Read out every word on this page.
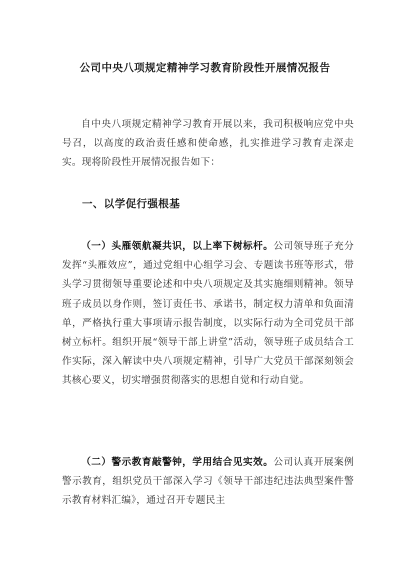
公司中央八项规定精神学习教育阶段性开展情况报告
自中央八项规定精神学习教育开展以来，我司积极响应党中央号召，以高度的政治责任感和使命感，扎实推进学习教育走深走实。现将阶段性开展情况报告如下：
一、以学促行强根基
（一）头雁领航凝共识，以上率下树标杆。公司领导班子充分发挥“头雁效应”，通过党组中心组学习会、专题读书班等形式，带头学习贯彻领导重要论述和中央八项规定及其实施细则精神。领导班子成员以身作则，签订责任书、承诺书，制定权力清单和负面清单，严格执行重大事项请示报告制度，以实际行动为全司党员干部树立标杆。组织开展“领导干部上讲堂”活动，领导班子成员结合工作实际，深入解读中央八项规定精神，引导广大党员干部深刻领会其核心要义，切实增强贯彻落实的思想自觉和行动自觉。
（二）警示教育敲警钟，学用结合见实效。公司认真开展案例警示教育，组织党员干部深入学习《领导干部违纪违法典型案件警示教育材料汇编》，通过召开专题民主
